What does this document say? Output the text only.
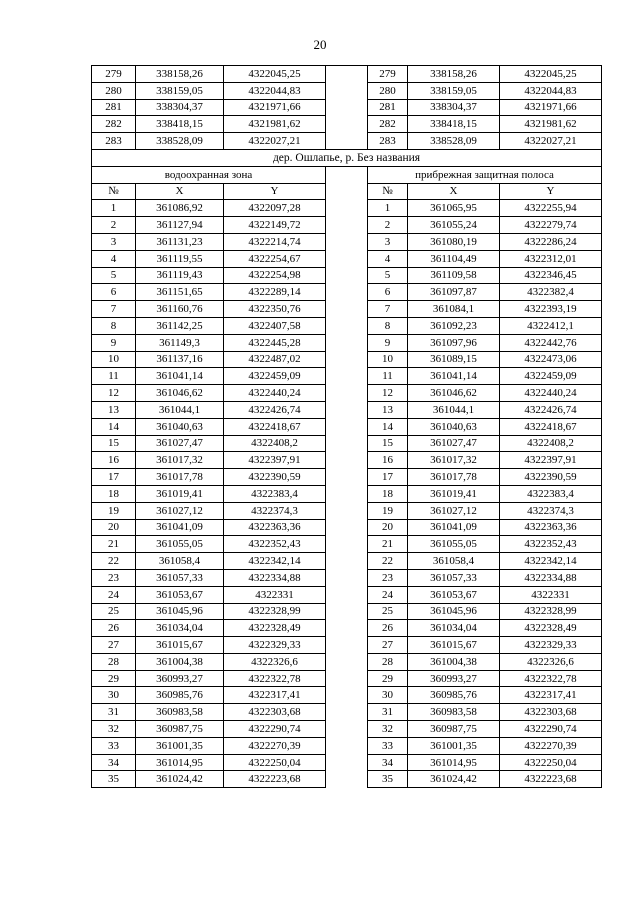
20
279	338158,26	4322045,25		279	338158,26	4322045,25
280	338159,05	4322044,83		280	338159,05	4322044,83
281	338304,37	4321971,66		281	338304,37	4321971,66
282	338418,15	4321981,62		282	338418,15	4321981,62
283	338528,09	4322027,21		283	338528,09	4322027,21
дер. Ошлапье, р. Без названия						
водоохранная зона				прибрежная защитная полоса		
№	X	Y		№	X	Y
1	361086,92	4322097,28		1	361065,95	4322255,94
2	361127,94	4322149,72		2	361055,24	4322279,74
3	361131,23	4322214,74		3	361080,19	4322286,24
4	361119,55	4322254,67		4	361104,49	4322312,01
5	361119,43	4322254,98		5	361109,58	4322346,45
6	361151,65	4322289,14		6	361097,87	4322382,4
7	361160,76	4322350,76		7	361084,1	4322393,19
8	361142,25	4322407,58		8	361092,23	4322412,1
9	361149,3	4322445,28		9	361097,96	4322442,76
10	361137,16	4322487,02		10	361089,15	4322473,06
11	361041,14	4322459,09		11	361041,14	4322459,09
12	361046,62	4322440,24		12	361046,62	4322440,24
13	361044,1	4322426,74		13	361044,1	4322426,74
14	361040,63	4322418,67		14	361040,63	4322418,67
15	361027,47	4322408,2		15	361027,47	4322408,2
16	361017,32	4322397,91		16	361017,32	4322397,91
17	361017,78	4322390,59		17	361017,78	4322390,59
18	361019,41	4322383,4		18	361019,41	4322383,4
19	361027,12	4322374,3		19	361027,12	4322374,3
20	361041,09	4322363,36		20	361041,09	4322363,36
21	361055,05	4322352,43		21	361055,05	4322352,43
22	361058,4	4322342,14		22	361058,4	4322342,14
23	361057,33	4322334,88		23	361057,33	4322334,88
24	361053,67	4322331		24	361053,67	4322331
25	361045,96	4322328,99		25	361045,96	4322328,99
26	361034,04	4322328,49		26	361034,04	4322328,49
27	361015,67	4322329,33		27	361015,67	4322329,33
28	361004,38	4322326,6		28	361004,38	4322326,6
29	360993,27	4322322,78		29	360993,27	4322322,78
30	360985,76	4322317,41		30	360985,76	4322317,41
31	360983,58	4322303,68		31	360983,58	4322303,68
32	360987,75	4322290,74		32	360987,75	4322290,74
33	361001,35	4322270,39		33	361001,35	4322270,39
34	361014,95	4322250,04		34	361014,95	4322250,04
35	361024,42	4322223,68		35	361024,42	4322223,68
